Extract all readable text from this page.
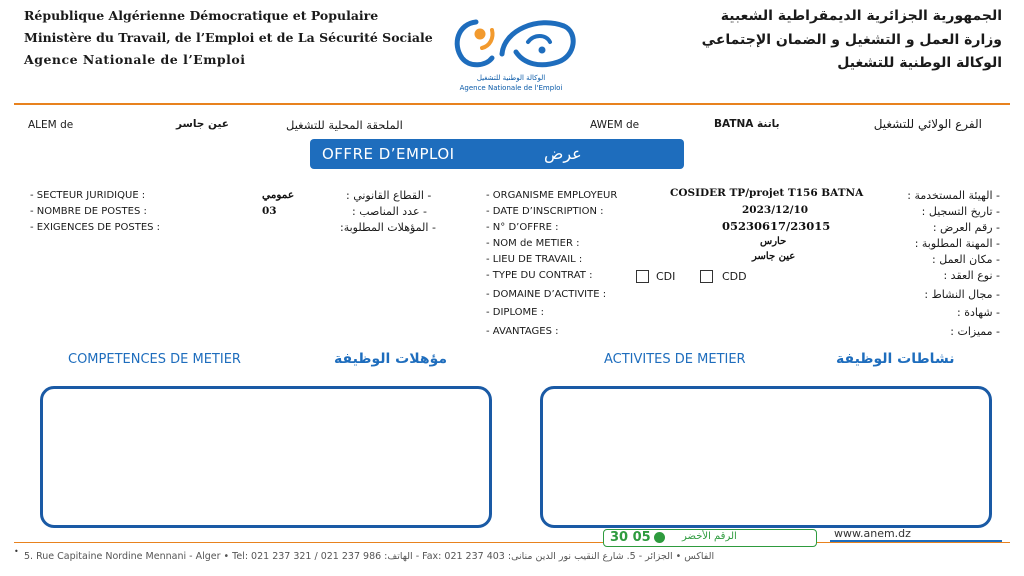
République Algérienne Démocratique et Populaire
Ministère du Travail, de l’Emploi et de La Sécurité Sociale
Agence Nationale de l’Emploi
الجمهورية الجزائرية الديمقراطية الشعبية
وزارة العمل و التشغيل و الضمان الإجتماعي
الوكالة الوطنية للتشغيل
الوكالة الوطنية للتشغيل
Agence Nationale de l'Emploi
ALEM de	عين جاسر	الملحقة المحلية للتشغيل	AWEM de	BATNA باتنة	الفرع الولائي للتشغيل
OFFRE D’EMPLOI	عرض
- SECTEUR JURIDIQUE :	عمومي	- القطاع القانوني :
- NOMBRE DE POSTES :	03	- عدد المناصب :
- EXIGENCES DE POSTES :	- المؤهلات المطلوبة:
- ORGANISME EMPLOYEUR	COSIDER TP/projet T156 BATNA	- الهيئة المستخدمة :
- DATE D’INSCRIPTION :	2023/12/10	- تاريخ التسجيل :
- N° D’OFFRE :	05230617/23015	- رقم العرض :
- NOM de METIER :	حارس	- المهنة المطلوبة :
- LIEU DE TRAVAIL :	عين جاسر	- مكان العمل :
- TYPE DU CONTRAT :	CDI	CDD	- نوع العقد :
- DOMAINE D’ACTIVITE :	- مجال النشاط :
- DIPLOME :	- شهادة :
- AVANTAGES :	- مميزات :
COMPETENCES DE METIER	مؤهلات الوظيفة	ACTIVITES DE METIER	نشاطات الوظيفة
30 05	الرقم الأخضر	www.anem.dz
• 5. Rue Capitaine Nordine Mennani - Alger • Tel: 021 237 321 / 021 237 986 :الهاتف - Fax: 021 237 403 :الفاكس • الجزائر - 5. شارع النقيب نور الدين منانى
